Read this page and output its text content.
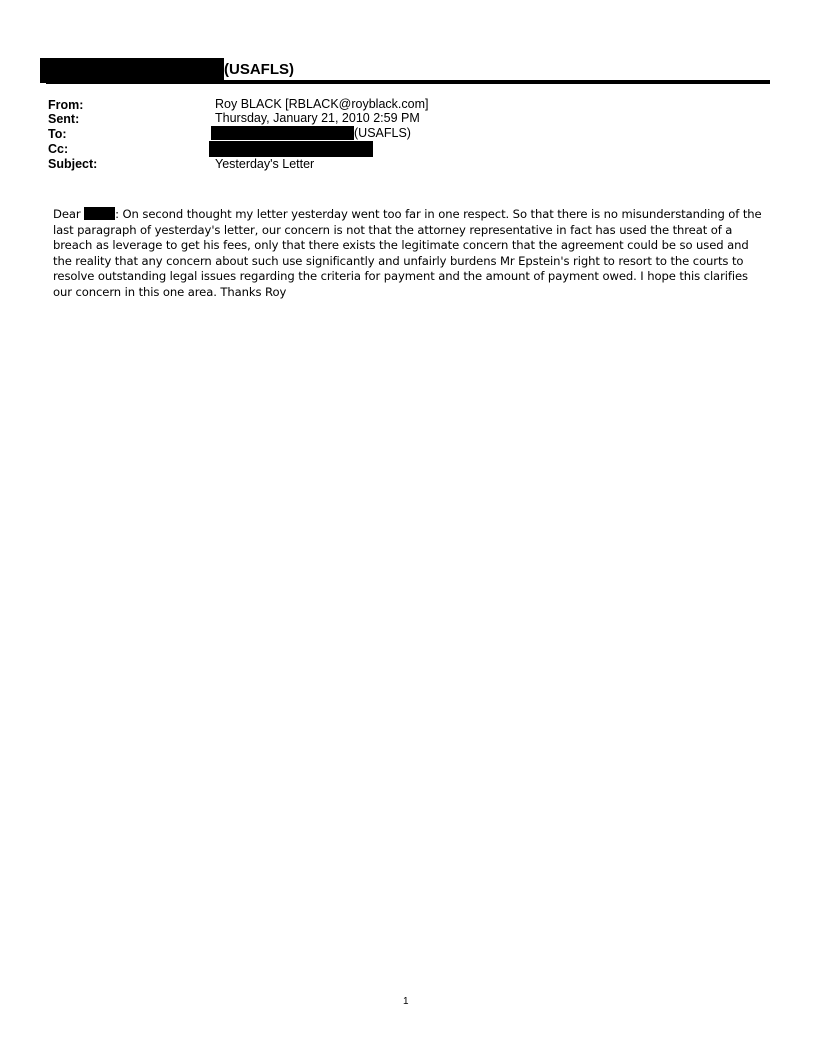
(USAFLS)
From:	Roy BLACK [RBLACK@royblack.com]
Sent:	Thursday, January 21, 2010 2:59 PM
To:	(USAFLS)
Cc:
Subject:	Yesterday's Letter
Dear	: On second thought my letter yesterday went too far in one respect. So that there is no misunderstanding of the last paragraph of yesterday's letter, our concern is not that the attorney representative in fact has used the threat of a breach as leverage to get his fees, only that there exists the legitimate concern that the agreement could be so used and the reality that any concern about such use significantly and unfairly burdens Mr Epstein's right to resort to the courts to resolve outstanding legal issues regarding the criteria for payment and the amount of payment owed. I hope this clarifies our concern in this one area. Thanks Roy
1
